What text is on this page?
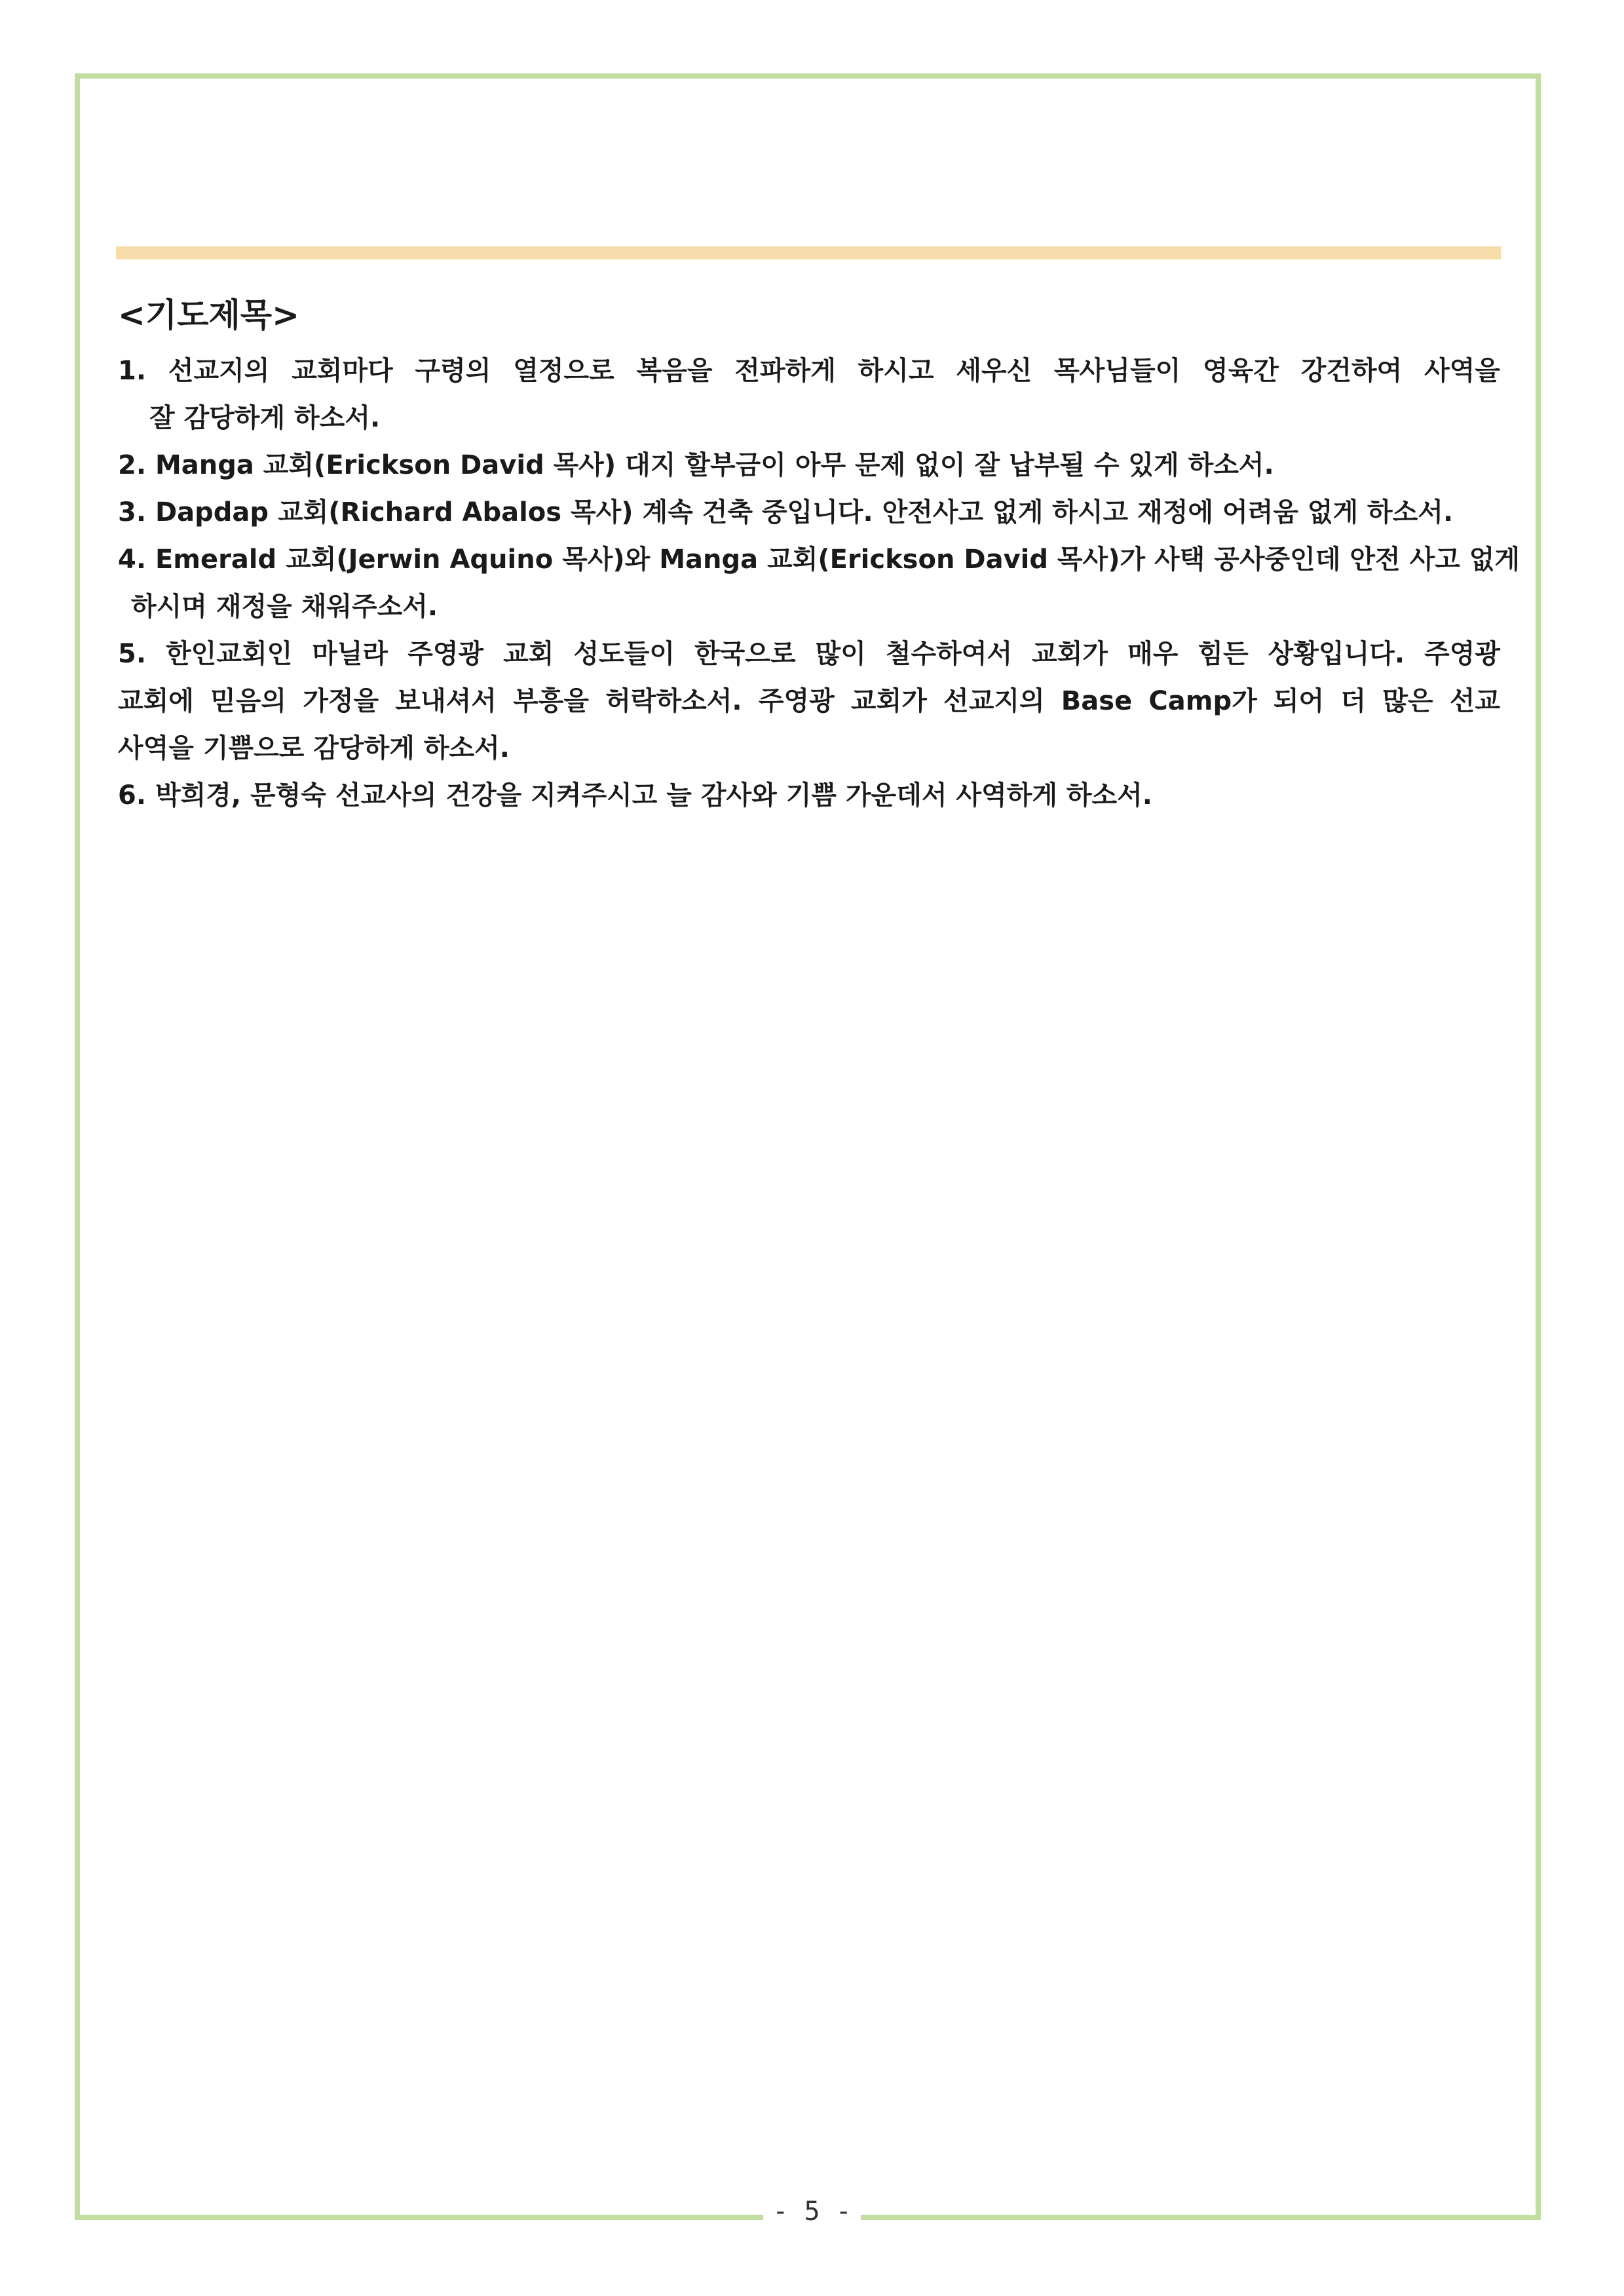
<기도제목>
1. 선교지의 교회마다 구령의 열정으로 복음을 전파하게 하시고 세우신 목사님들이 영육간 강건하여 사역을
잘 감당하게 하소서.
2. Manga 교회(Erickson David 목사) 대지 할부금이 아무 문제 없이 잘 납부될 수 있게 하소서.
3. Dapdap 교회(Richard Abalos 목사) 계속 건축 중입니다. 안전사고 없게 하시고 재정에 어려움 없게 하소서.
4. Emerald 교회(Jerwin Aquino 목사)와 Manga 교회(Erickson David 목사)가 사택 공사중인데 안전 사고 없게
하시며 재정을 채워주소서.
5. 한인교회인 마닐라 주영광 교회 성도들이 한국으로 많이 철수하여서 교회가 매우 힘든 상황입니다. 주영광
교회에 믿음의 가정을 보내셔서 부흥을 허락하소서. 주영광 교회가 선교지의 Base Camp가 되어 더 많은 선교
사역을 기쁨으로 감당하게 하소서.
6. 박희경, 문형숙 선교사의 건강을 지켜주시고 늘 감사와 기쁨 가운데서 사역하게 하소서.
- 5 -
